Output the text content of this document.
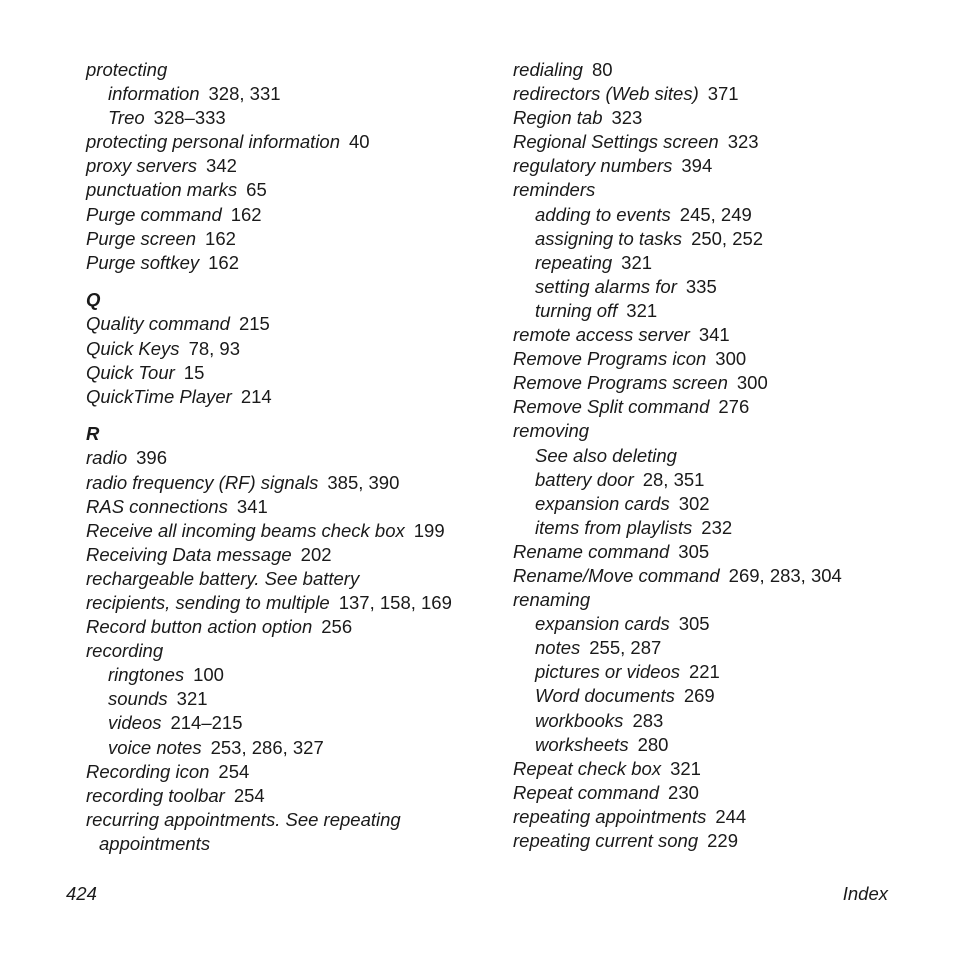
protecting
information 328, 331
Treo 328–333
protecting personal information 40
proxy servers 342
punctuation marks 65
Purge command 162
Purge screen 162
Purge softkey 162
Q
Quality command 215
Quick Keys 78, 93
Quick Tour 15
QuickTime Player 214
R
radio 396
radio frequency (RF) signals 385, 390
RAS connections 341
Receive all incoming beams check box 199
Receiving Data message 202
rechargeable battery. See battery
recipients, sending to multiple 137, 158, 169
Record button action option 256
recording
ringtones 100
sounds 321
videos 214–215
voice notes 253, 286, 327
Recording icon 254
recording toolbar 254
recurring appointments. See repeating
appointments
redialing 80
redirectors (Web sites) 371
Region tab 323
Regional Settings screen 323
regulatory numbers 394
reminders
adding to events 245, 249
assigning to tasks 250, 252
repeating 321
setting alarms for 335
turning off 321
remote access server 341
Remove Programs icon 300
Remove Programs screen 300
Remove Split command 276
removing
See also deleting
battery door 28, 351
expansion cards 302
items from playlists 232
Rename command 305
Rename/Move command 269, 283, 304
renaming
expansion cards 305
notes 255, 287
pictures or videos 221
Word documents 269
workbooks 283
worksheets 280
Repeat check box 321
Repeat command 230
repeating appointments 244
repeating current song 229
424	Index
